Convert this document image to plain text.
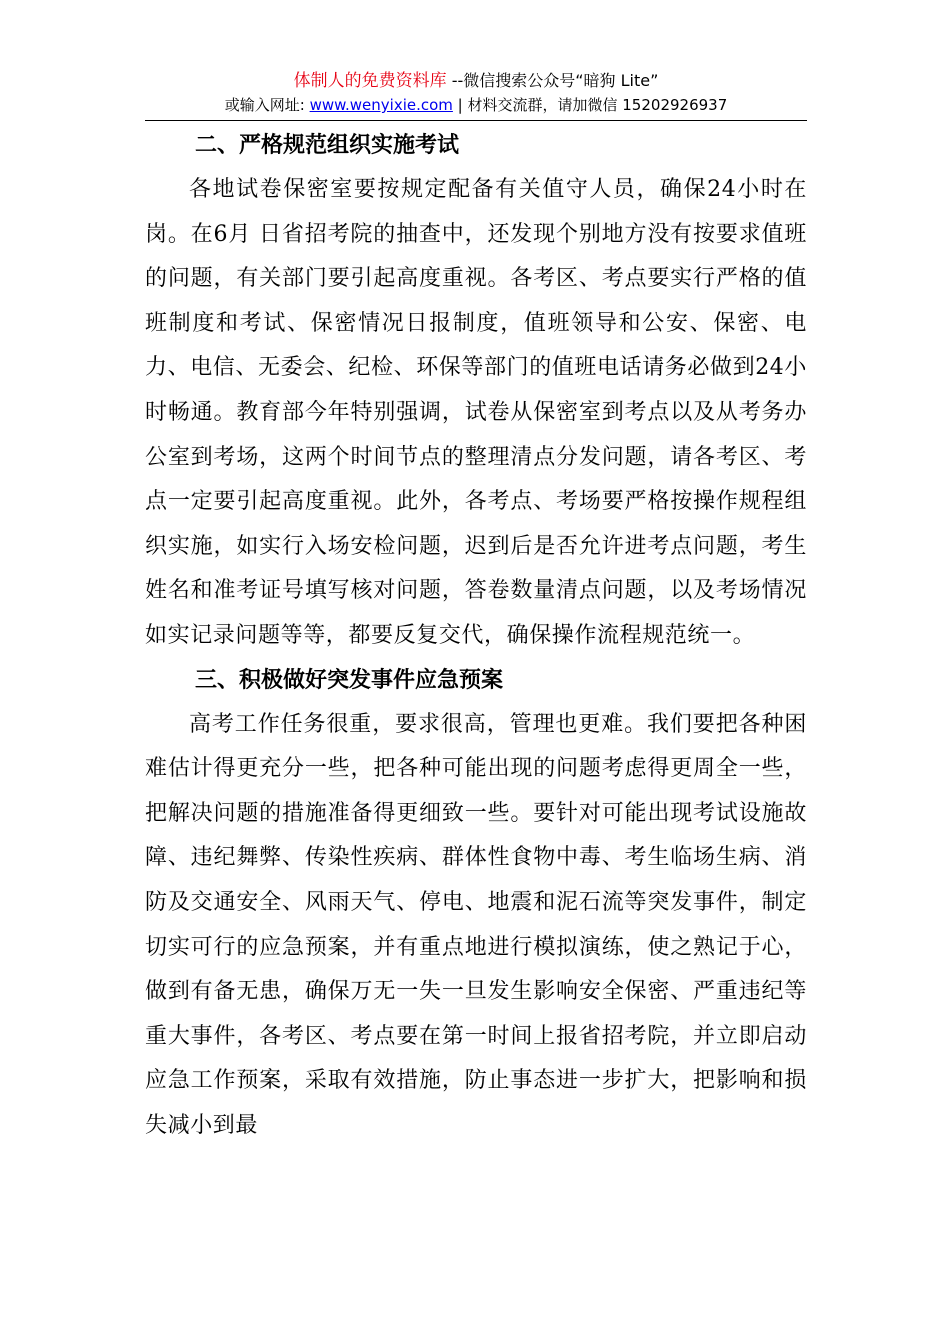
体制人的免费资料库 --微信搜索公众号“暗狗 Lite”
或输入网址: www.wenyixie.com | 材料交流群，请加微信 15202926937
二、严格规范组织实施考试

各地试卷保密室要按规定配备有关值守人员，确保24小时在岗。在6月 日省招考院的抽查中，还发现个别地方没有按要求值班的问题，有关部门要引起高度重视。各考区、考点要实行严格的值班制度和考试、保密情况日报制度，值班领导和公安、保密、电力、电信、无委会、纪检、环保等部门的值班电话请务必做到24小时畅通。教育部今年特别强调，试卷从保密室到考点以及从考务办公室到考场，这两个时间节点的整理清点分发问题，请各考区、考点一定要引起高度重视。此外，各考点、考场要严格按操作规程组织实施，如实行入场安检问题，迟到后是否允许进考点问题，考生姓名和准考证号填写核对问题，答卷数量清点问题，以及考场情况如实记录问题等等，都要反复交代，确保操作流程规范统一。

三、积极做好突发事件应急预案

高考工作任务很重，要求很高，管理也更难。我们要把各种困难估计得更充分一些，把各种可能出现的问题考虑得更周全一些，把解决问题的措施准备得更细致一些。要针对可能出现考试设施故障、违纪舞弊、传染性疾病、群体性食物中毒、考生临场生病、消防及交通安全、风雨天气、停电、地震和泥石流等突发事件，制定切实可行的应急预案，并有重点地进行模拟演练，使之熟记于心，做到有备无患，确保万无一失一旦发生影响安全保密、严重违纪等重大事件，各考区、考点要在第一时间上报省招考院，并立即启动应急工作预案，采取有效措施，防止事态进一步扩大，把影响和损失减小到最
